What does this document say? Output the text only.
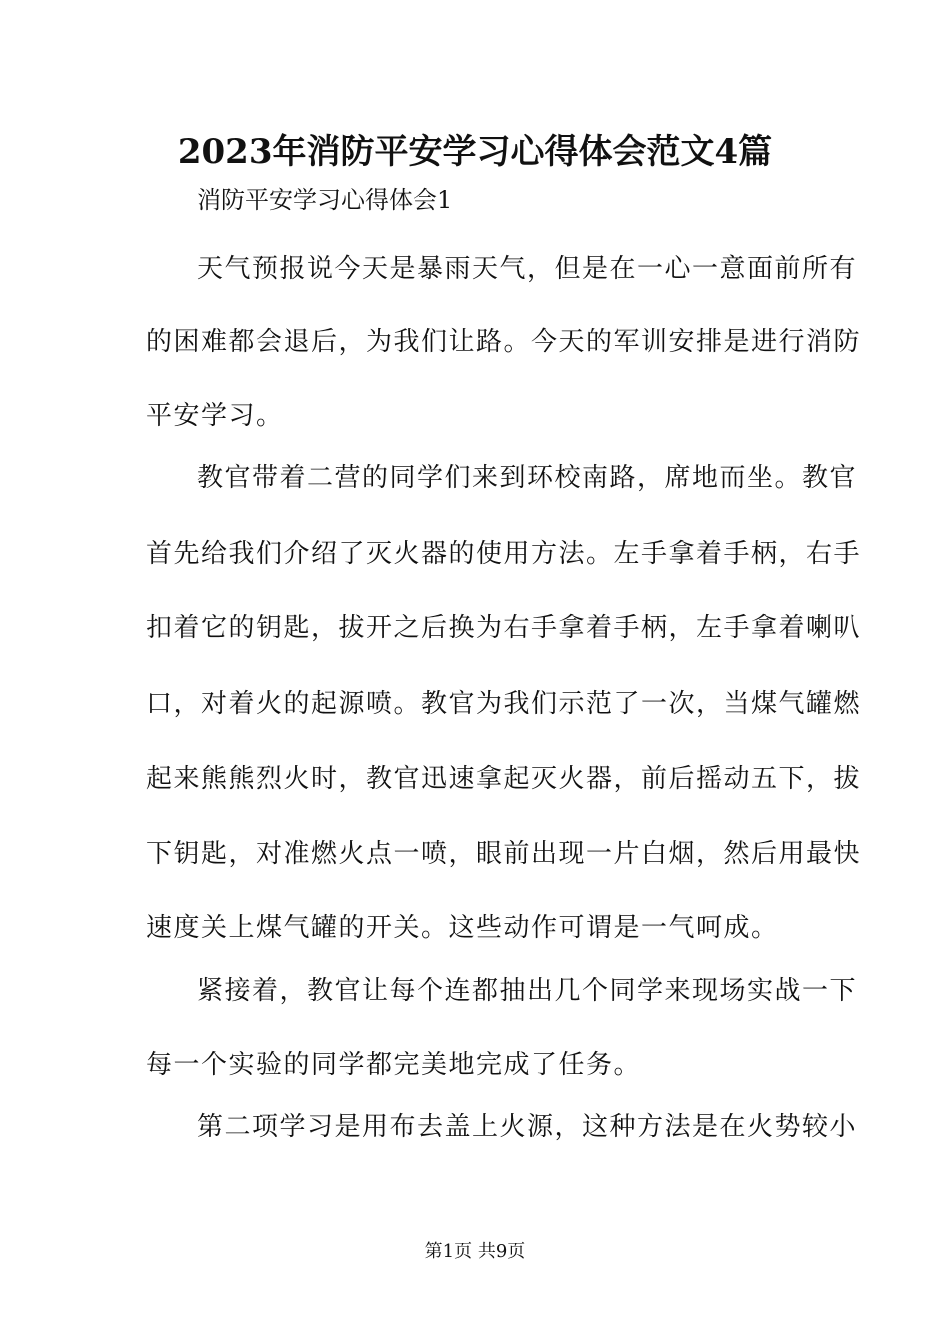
2023年消防平安学习心得体会范文4篇
消防平安学习心得体会1
天气预报说今天是暴雨天气，但是在一心一意面前所有
的困难都会退后，为我们让路。今天的军训安排是进行消防
平安学习。
教官带着二营的同学们来到环校南路，席地而坐。教官
首先给我们介绍了灭火器的使用方法。左手拿着手柄，右手
扣着它的钥匙，拔开之后换为右手拿着手柄，左手拿着喇叭
口，对着火的起源喷。教官为我们示范了一次，当煤气罐燃
起来熊熊烈火时，教官迅速拿起灭火器，前后摇动五下，拔
下钥匙，对准燃火点一喷，眼前出现一片白烟，然后用最快
速度关上煤气罐的开关。这些动作可谓是一气呵成。
紧接着，教官让每个连都抽出几个同学来现场实战一下
每一个实验的同学都完美地完成了任务。
第二项学习是用布去盖上火源，这种方法是在火势较小
第1页 共9页
